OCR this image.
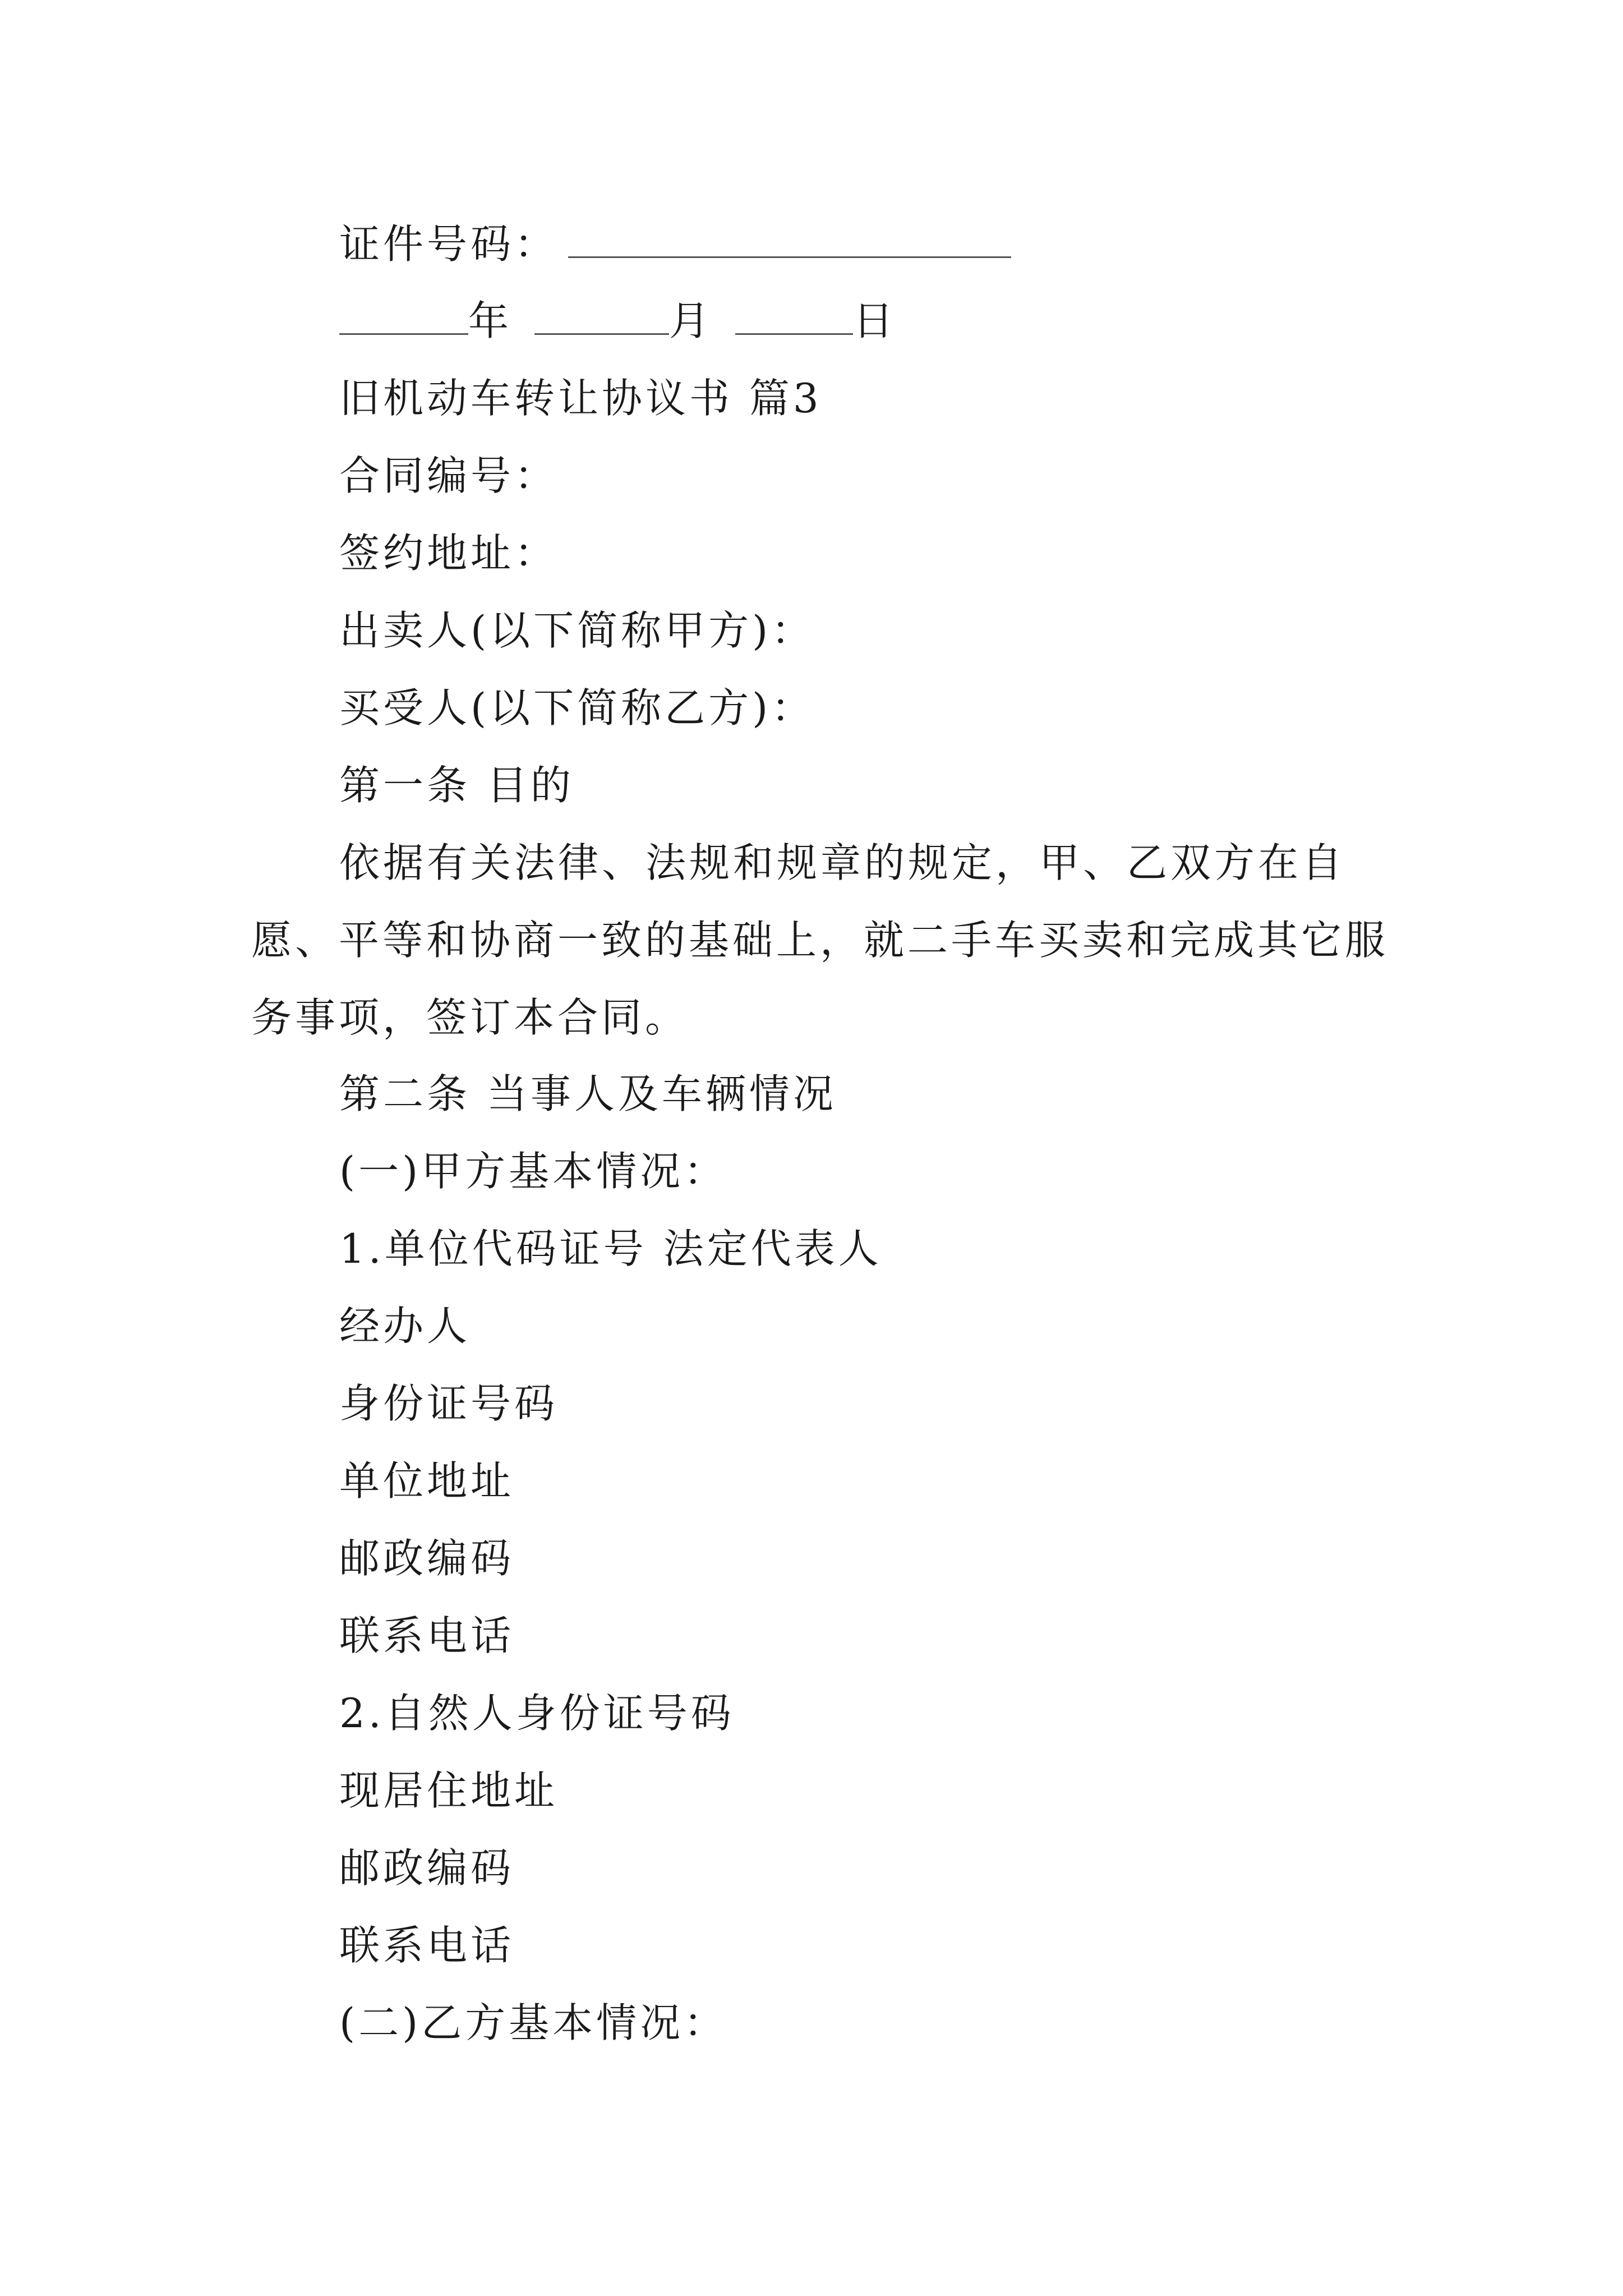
证件号码：
年	月	日
旧机动车转让协议书 篇3
合同编号：
签约地址：
出卖人(以下简称甲方)：
买受人(以下简称乙方)：
第一条 目的
依据有关法律、法规和规章的规定，甲、乙双方在自愿、平等和协商一致的基础上，就二手车买卖和完成其它服务事项，签订本合同。
第二条 当事人及车辆情况
(一)甲方基本情况：
1.单位代码证号 法定代表人
经办人
身份证号码
单位地址
邮政编码
联系电话
2.自然人身份证号码
现居住地址
邮政编码
联系电话
(二)乙方基本情况：
